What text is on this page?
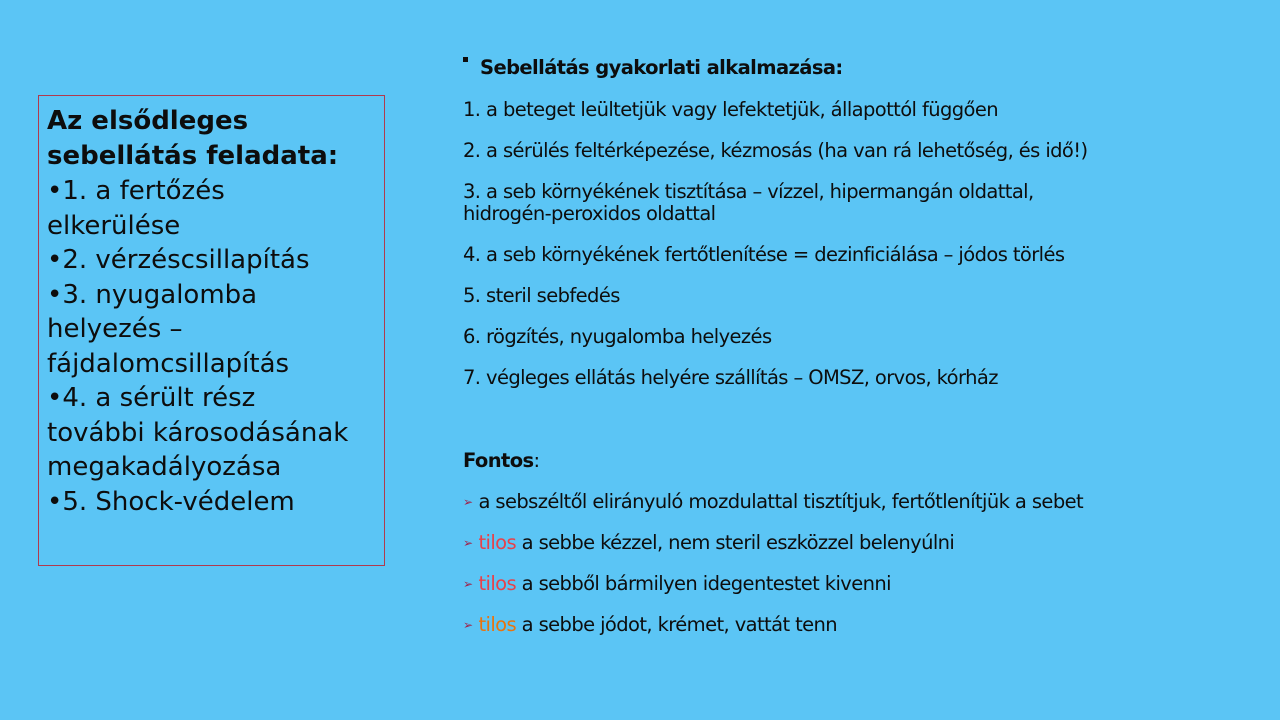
Az elsődleges

sebellátás feladata:

•1. a fertőzés

elkerülése

•2. vérzéscsillapítás

•3. nyugalomba

helyezés –

fájdalomcsillapítás

•4. a sérült rész

további károsodásának

megakadályozása

•5. Shock-védelem

Sebellátás gyakorlati alkalmazása:
1. a beteget leültetjük vagy lefektetjük, állapottól függően
2. a sérülés feltérképezése, kézmosás (ha van rá lehetőség, és idő!)
3. a seb környékének tisztítása – vízzel, hipermangán oldattal,
hidrogén-peroxidos oldattal
4. a seb környékének fertőtlenítése = dezinficiálása – jódos törlés
5. steril sebfedés
6. rögzítés, nyugalomba helyezés
7. végleges ellátás helyére szállítás – OMSZ, orvos, kórház
Fontos:
➢ a sebszéltől elirányuló mozdulattal tisztítjuk, fertőtlenítjük a sebet
➢ tilos a sebbe kézzel, nem steril eszközzel belenyúlni
➢ tilos a sebből bármilyen idegentestet kivenni
➢ tilos a sebbe jódot, krémet, vattát tenn
